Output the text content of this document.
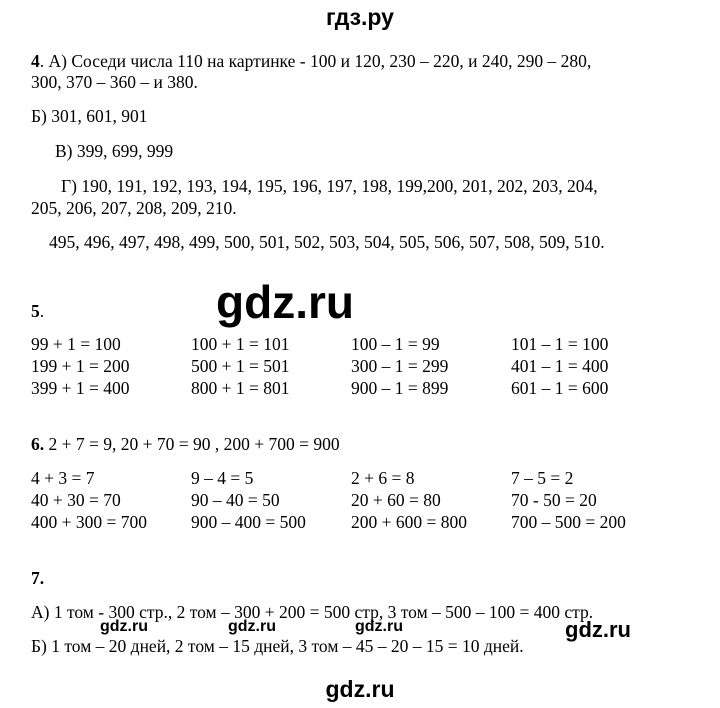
гдз.ру
4. А) Соседи числа 110 на картинке - 100 и 120, 230 – 220, и 240, 290 – 280,
300, 370 – 360 – и 380.
Б) 301, 601, 901
В) 399, 699, 999
Г) 190, 191, 192, 193, 194, 195, 196, 197, 198, 199,200, 201, 202, 203, 204,
205, 206, 207, 208, 209, 210.
495, 496, 497, 498, 499, 500, 501, 502, 503, 504, 505, 506, 507, 508, 509, 510.
gdz.ru
5.
99 + 1 = 100	100 + 1 = 101	100 – 1 = 99	101 – 1 = 100
199 + 1 = 200	500 + 1 = 501	300 – 1 = 299	401 – 1 = 400
399 + 1 = 400	800 + 1 = 801	900 – 1 = 899	601 – 1 = 600
6. 2 + 7 = 9, 20 + 70 = 90 , 200 + 700 = 900
4 + 3 = 7	9 – 4 = 5	2 + 6 = 8	7 – 5 = 2
40 + 30 = 70	90 – 40 = 50	20 + 60 = 80	70 - 50 = 20
400 + 300 = 700	900 – 400 = 500	200 + 600 = 800	700 – 500 = 200
7.
А) 1 том - 300 стр., 2 том – 300 + 200 = 500 стр, 3 том – 500 – 100 = 400 стр.
gdz.ru	gdz.ru	gdz.ru	gdz.ru
Б) 1 том – 20 дней, 2 том – 15 дней, 3 том – 45 – 20 – 15 = 10 дней.
gdz.ru
